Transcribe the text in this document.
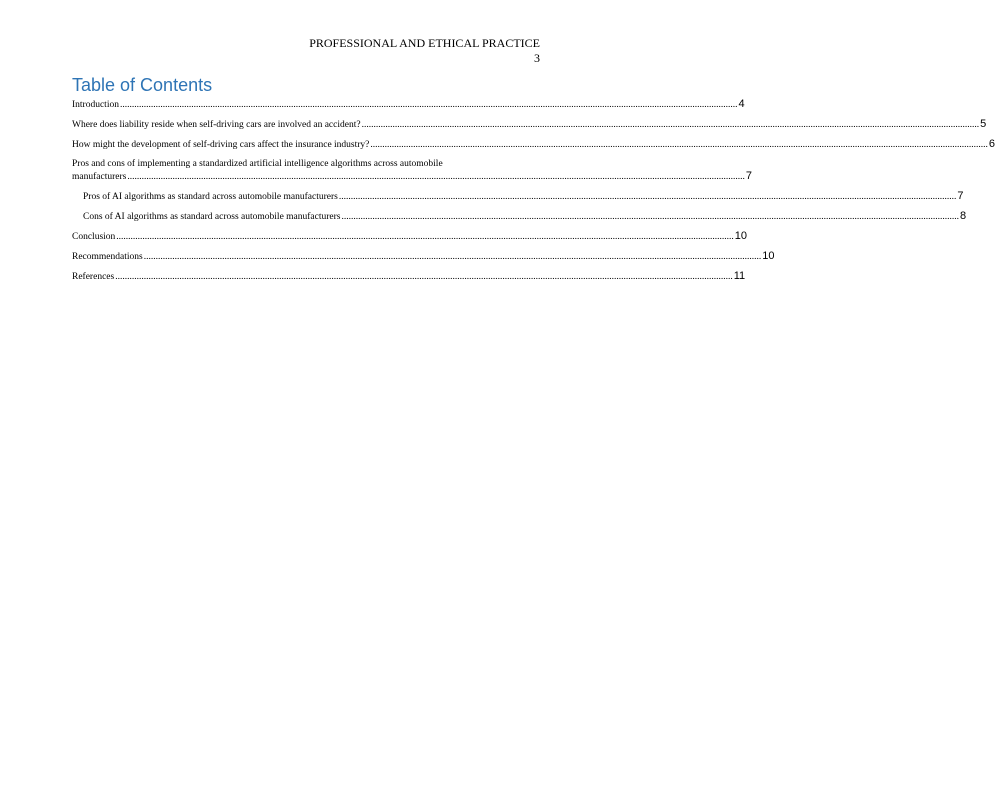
PROFESSIONAL AND ETHICAL PRACTICE
3
Table of Contents
Introduction .....	4
Where does liability reside when self-driving cars are involved an accident? .....	5
How might the development of self-driving cars affect the insurance industry? .....	6
Pros and cons of implementing a standardized artificial intelligence algorithms across automobile
manufacturers .....	7
Pros of AI algorithms as standard across automobile manufacturers .....	7
Cons of AI algorithms as standard across automobile manufacturers .....	8
Conclusion .....	10
Recommendations .....	10
References .....	11
